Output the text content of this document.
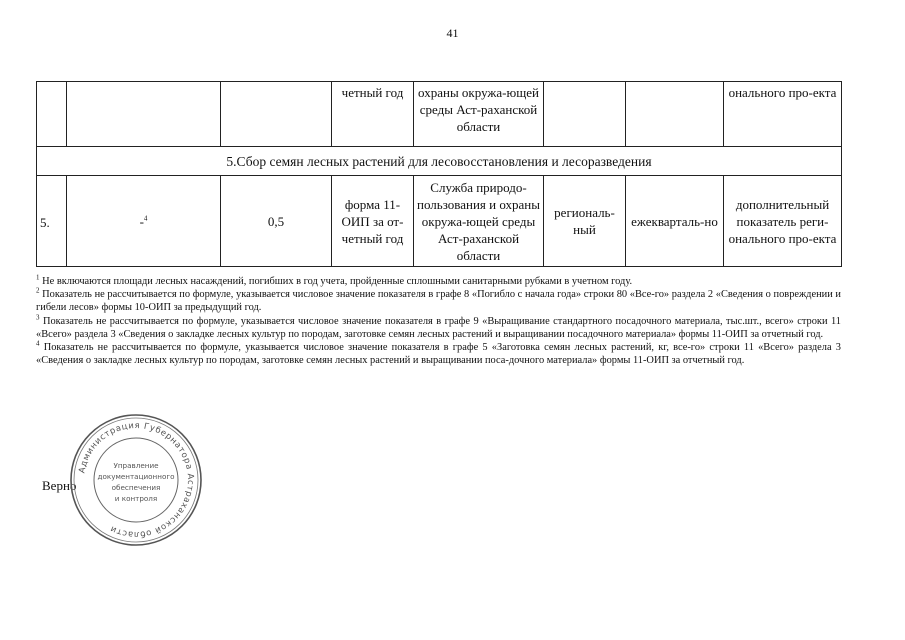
41
			четный год	охраны окружа-ющей среды Аст-раханской области			онального про-екта
5.Сбор семян лесных растений для лесовосстановления и лесоразведения							
5.	-$^4$	0,5	форма 11-ОИП за от-четный год	Служба природо-пользования и охраны окружа-ющей среды Аст-раханской области	региональ-ный	ежекварталь-но	дополнительный показатель реги-онального про-екта

$^1$ Не включаются площади лесных насаждений, погибших в год учета, пройденные сплошными санитарными рубками в учетном году.

$^2$ Показатель не рассчитывается по формуле, указывается числовое значение показателя в графе 8 «Погибло с начала года» строки 80 «Все-го» раздела 2 «Сведения о повреждении и гибели лесов» формы 10-ОИП за предыдущий год.

$^3$ Показатель не рассчитывается по формуле, указывается числовое значение показателя в графе 9 «Выращивание стандартного посадочного материала, тыс.шт., всего» строки 11 «Всего» раздела 3 «Сведения о закладке лесных культур по породам, заготовке семян лесных растений и выращивании посадочного материала» формы 11-ОИП за отчетный год.

$^4$ Показатель не рассчитывается по формуле, указывается числовое значение показателя в графе 5 «Заготовка семян лесных растений, кг, все-го» строки 11 «Всего» раздела 3 «Сведения о закладке лесных культур по породам, заготовке семян лесных растений и выращивании поса-дочного материала» формы 11-ОИП за отчетный год.

Верно
Администрация Губернатора Астраханской области
Управление
документационного
обеспечения
и контроля
